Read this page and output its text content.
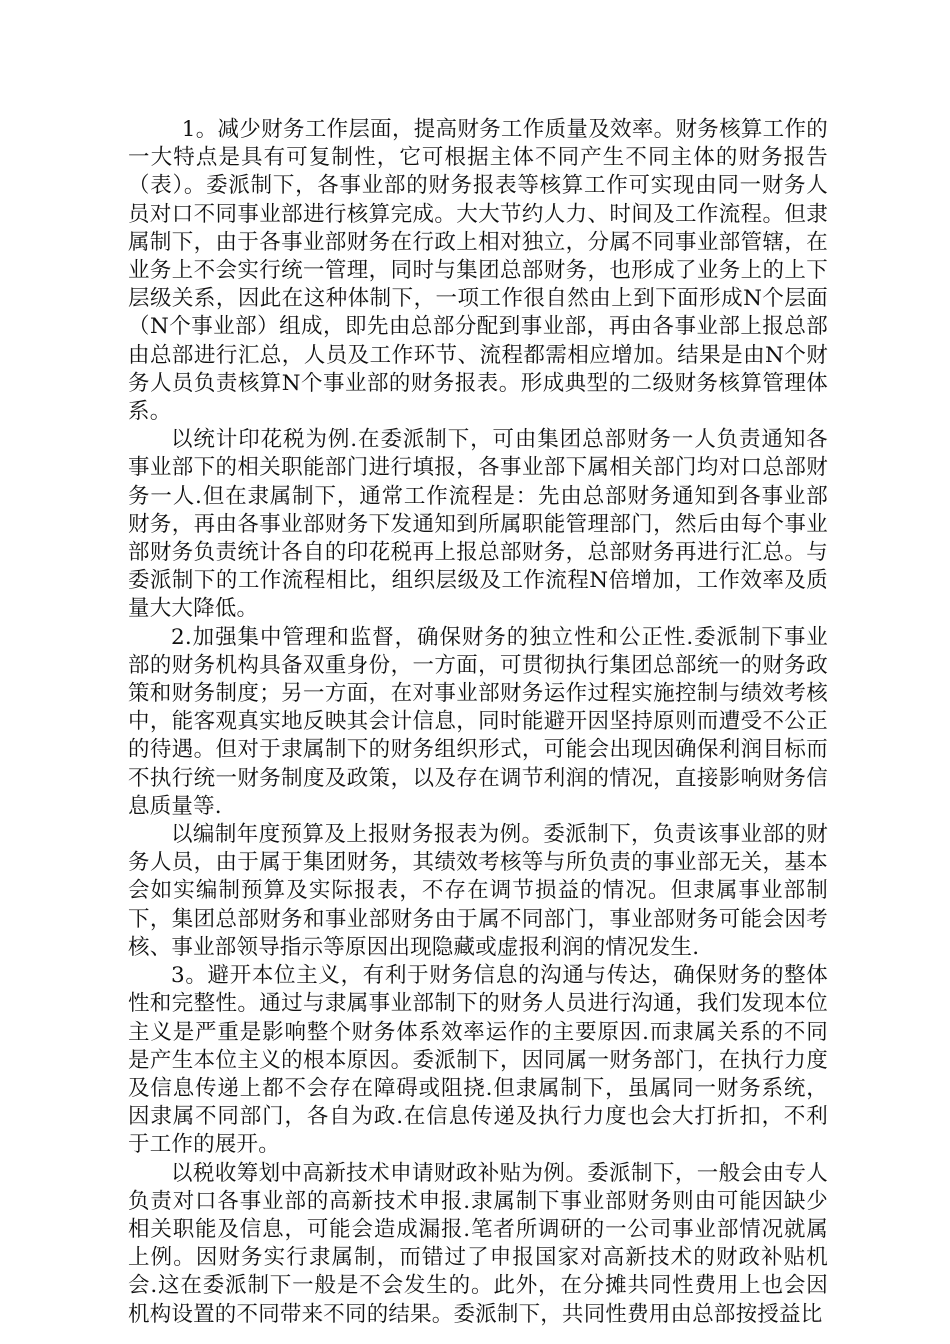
1。减少财务工作层面，提高财务工作质量及效率。财务核算工作的一大特点是具有可复制性，它可根据主体不同产生不同主体的财务报告（表）。委派制下，各事业部的财务报表等核算工作可实现由同一财务人员对口不同事业部进行核算完成。大大节约人力、时间及工作流程。但隶属制下，由于各事业部财务在行政上相对独立，分属不同事业部管辖，在业务上不会实行统一管理，同时与集团总部财务，也形成了业务上的上下层级关系，因此在这种体制下，一项工作很自然由上到下面形成N个层面（N个事业部）组成，即先由总部分配到事业部，再由各事业部上报总部由总部进行汇总，人员及工作环节、流程都需相应增加。结果是由N个财务人员负责核算N个事业部的财务报表。形成典型的二级财务核算管理体系。

以统计印花税为例.在委派制下，可由集团总部财务一人负责通知各事业部下的相关职能部门进行填报，各事业部下属相关部门均对口总部财务一人.但在隶属制下，通常工作流程是：先由总部财务通知到各事业部财务，再由各事业部财务下发通知到所属职能管理部门，然后由每个事业部财务负责统计各自的印花税再上报总部财务，总部财务再进行汇总。与委派制下的工作流程相比，组织层级及工作流程N倍增加，工作效率及质量大大降低。

2.加强集中管理和监督，确保财务的独立性和公正性.委派制下事业部的财务机构具备双重身份，一方面，可贯彻执行集团总部统一的财务政策和财务制度；另一方面，在对事业部财务运作过程实施控制与绩效考核中，能客观真实地反映其会计信息，同时能避开因坚持原则而遭受不公正的待遇。但对于隶属制下的财务组织形式，可能会出现因确保利润目标而不执行统一财务制度及政策，以及存在调节利润的情况，直接影响财务信息质量等.

以编制年度预算及上报财务报表为例。委派制下，负责该事业部的财务人员，由于属于集团财务，其绩效考核等与所负责的事业部无关，基本会如实编制预算及实际报表，不存在调节损益的情况。但隶属事业部制下，集团总部财务和事业部财务由于属不同部门，事业部财务可能会因考核、事业部领导指示等原因出现隐藏或虚报利润的情况发生.

3。避开本位主义，有利于财务信息的沟通与传达，确保财务的整体性和完整性。通过与隶属事业部制下的财务人员进行沟通，我们发现本位主义是严重是影响整个财务体系效率运作的主要原因.而隶属关系的不同是产生本位主义的根本原因。委派制下，因同属一财务部门，在执行力度及信息传递上都不会存在障碍或阻挠.但隶属制下，虽属同一财务系统，因隶属不同部门，各自为政.在信息传递及执行力度也会大打折扣，不利于工作的展开。

以税收筹划中高新技术申请财政补贴为例。委派制下，一般会由专人负责对口各事业部的高新技术申报.隶属制下事业部财务则由可能因缺少相关职能及信息，可能会造成漏报.笔者所调研的一公司事业部情况就属上例。因财务实行隶属制，而错过了申报国家对高新技术的财政补贴机会.这在委派制下一般是不会发生的。此外，在分摊共同性费用上也会因机构设置的不同带来不同的结果。委派制下，共同性费用由总部按授益比
